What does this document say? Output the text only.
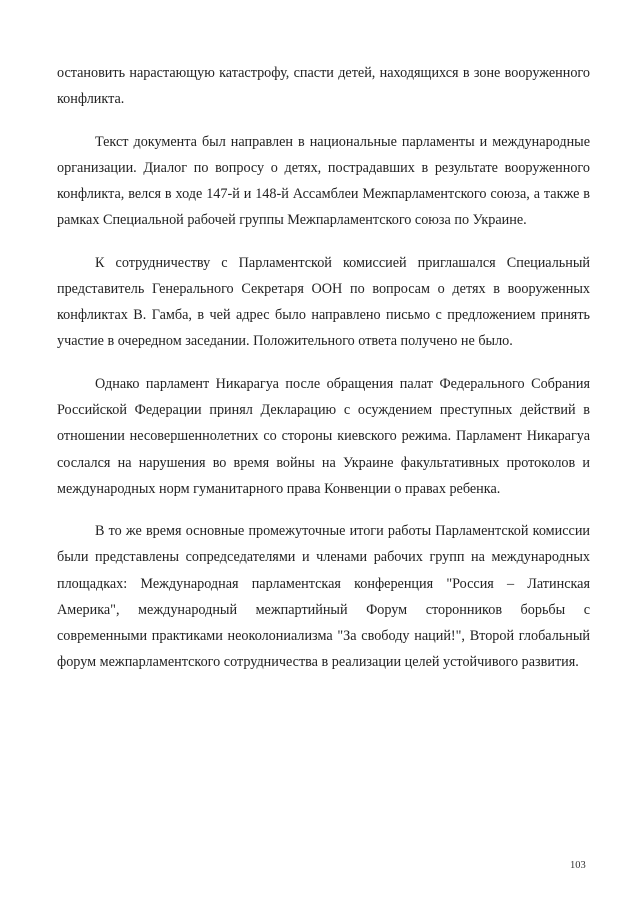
остановить нарастающую катастрофу, спасти детей, находящихся в зоне вооруженного конфликта.

Текст документа был направлен в национальные парламенты и международные организации. Диалог по вопросу о детях, пострадавших в результате вооруженного конфликта, велся в ходе 147-й и 148-й Ассамблеи Межпарламентского союза, а также в рамках Специальной рабочей группы Межпарламентского союза по Украине.

К сотрудничеству с Парламентской комиссией приглашался Специальный представитель Генерального Секретаря ООН по вопросам о детях в вооруженных конфликтах В. Гамба, в чей адрес было направлено письмо с предложением принять участие в очередном заседании. Положительного ответа получено не было.

Однако парламент Никарагуа после обращения палат Федерального Собрания Российской Федерации принял Декларацию с осуждением преступных действий в отношении несовершеннолетних со стороны киевского режима. Парламент Никарагуа сослался на нарушения во время войны на Украине факультативных протоколов и международных норм гуманитарного права Конвенции о правах ребенка.

В то же время основные промежуточные итоги работы Парламентской комиссии были представлены сопредседателями и членами рабочих групп на международных площадках: Международная парламентская конференция "Россия – Латинская Америка", международный межпартийный Форум сторонников борьбы с современными практиками неоколониализма "За свободу наций!", Второй глобальный форум межпарламентского сотрудничества в реализации целей устойчивого развития.

103
